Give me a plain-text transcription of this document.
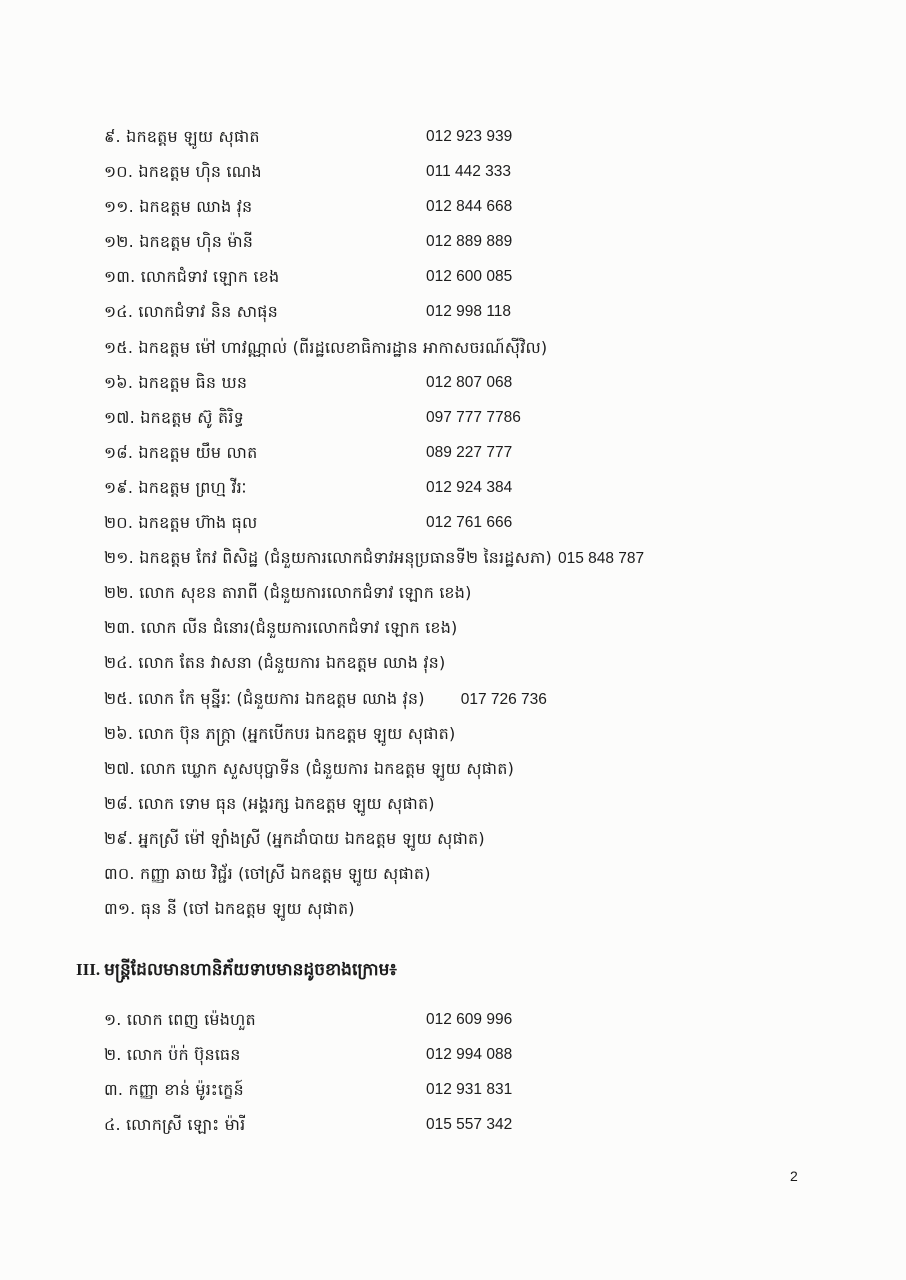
៩. ឯកឧត្តម ឡូយ សុផាត	012 923 939
១០. ឯកឧត្តម ហ៊ិន ណេង	011 442 333
១១. ឯកឧត្តម ឈាង វុន	012 844 668
១២. ឯកឧត្តម ហ៊ិន ម៉ានី	012 889 889
១៣. លោកជំទាវ ឡោក ខេង	012 600 085
១៤. លោកជំទាវ និន សាផុន	012 998 118
១៥. ឯកឧត្តម ម៉ៅ ហាវណ្ណាល់ (ពីរដ្ឋលេខាធិការដ្ឋាន អាកាសចរណ៍ស៊ីវិល)
១៦. ឯកឧត្តម ធិន ឃន	012 807 068
១៧. ឯកឧត្តម ស៊ូ តិរិទ្ធ	097 777 7786
១៨. ឯកឧត្តម យឹម លាត	089 227 777
១៩. ឯកឧត្តម ព្រហ្ម វីរៈ	012 924 384
២០. ឯកឧត្តម ហ៊ាង ធុល	012 761 666
២១. ឯកឧត្តម កែវ ពិសិដ្ឋ (ជំនួយការលោកជំទាវអនុប្រធានទី២ នៃរដ្ឋសភា) 015 848 787
២២. លោក សុខន តារាពី (ជំនួយការលោកជំទាវ ឡោក ខេង)
២៣. លោក លីន ជំនោរ(ជំនួយការលោកជំទាវ ឡោក ខេង)
២៤. លោក តែន វាសនា (ជំនួយការ ឯកឧត្តម ឈាង វុន)
២៥. លោក កែ មុន្នីរៈ (ជំនួយការ ឯកឧត្តម ឈាង វុន) 017 726 736
២៦. លោក ប៊ុន ភក្ត្រា (អ្នកបើកបរ ឯកឧត្តម ឡូយ សុផាត)
២៧. លោក ឃ្លោក សួសបុប្ផាទីន (ជំនួយការ ឯកឧត្តម ឡូយ សុផាត)
២៨. លោក ទោម ធុន (អង្គរក្ស ឯកឧត្តម ឡូយ សុផាត)
២៩. អ្នកស្រី ម៉ៅ ឡាំងស្រី (អ្នកដាំបាយ ឯកឧត្តម ឡូយ សុផាត)
៣០. កញ្ញា ឆាយ វិជ្ជ័រ (ចៅស្រី ឯកឧត្តម ឡូយ សុផាត)
៣១. ធុន នី (ចៅ ឯកឧត្តម ឡូយ សុផាត)
III. មន្ត្រីដែលមានហានិភ័យទាបមានដូចខាងក្រោម៖
១. លោក ពេញ ម៉េងហួត	012 609 996
២. លោក ប៉ក់ ប៊ុនធេន	012 994 088
៣. កញ្ញា ខាន់ ម៉ូរះក្ខេន៍	012 931 831
៤. លោកស្រី ឡោះ ម៉ារី	015 557 342
2
